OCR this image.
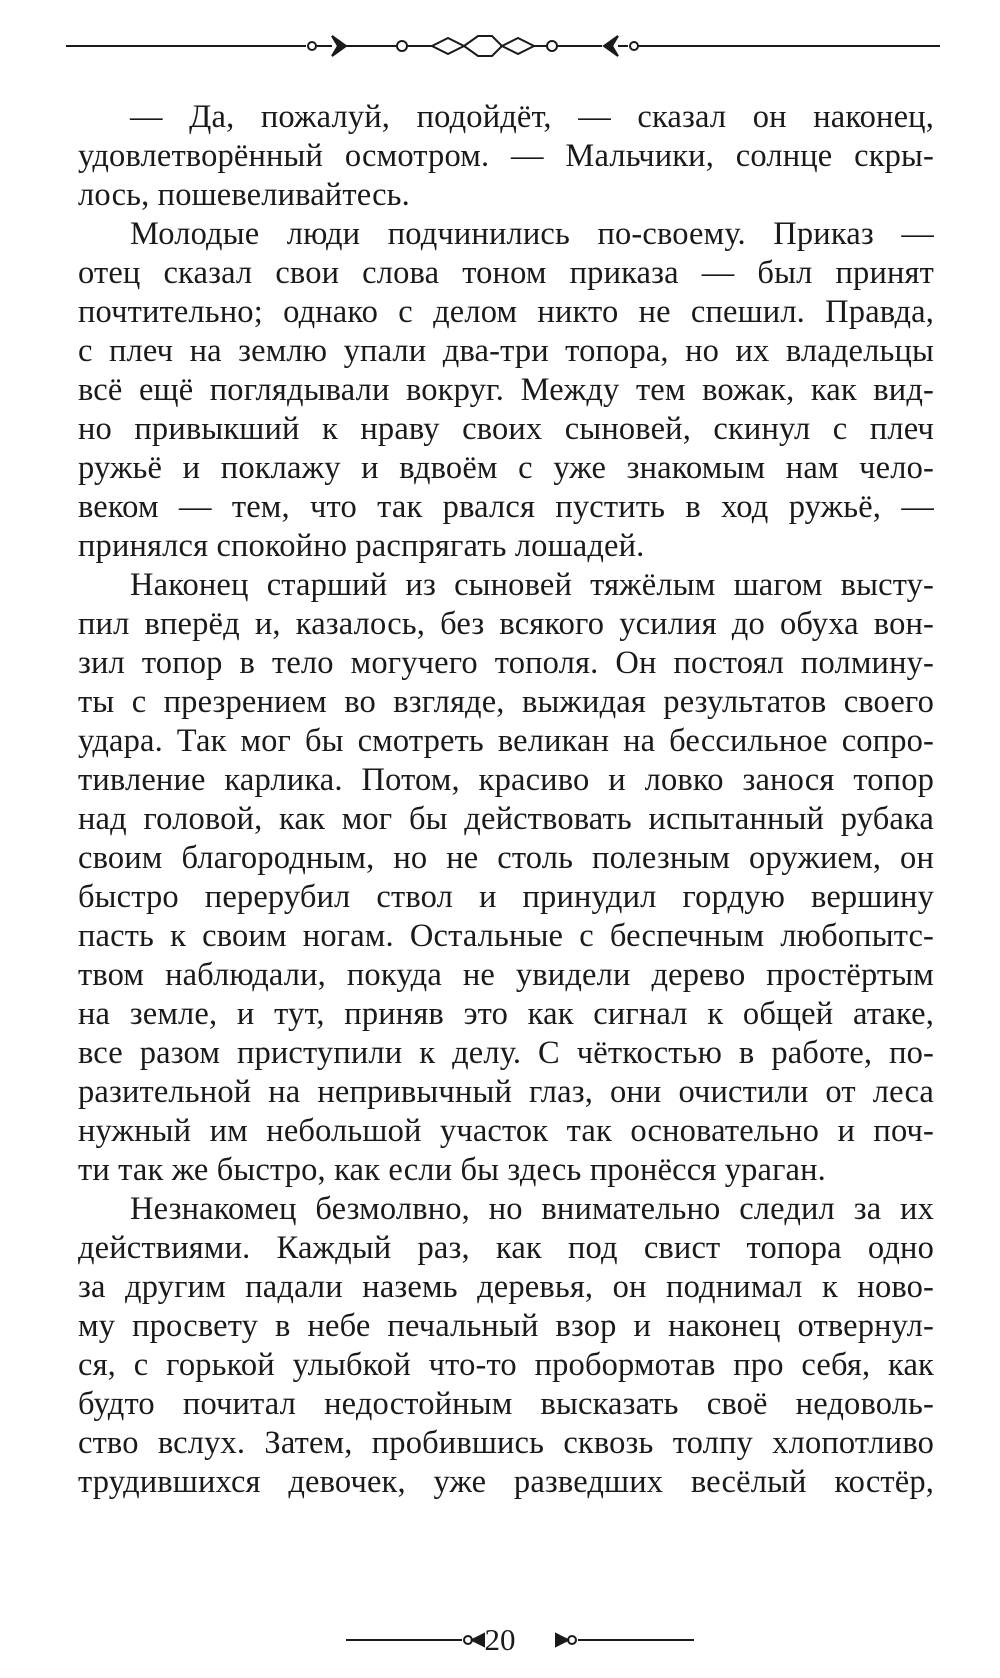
— Да, пожалуй, подойдёт, — сказал он наконец,
удовлетворённый осмотром. — Мальчики, солнце скры-
лось, пошевеливайтесь.
Молодые люди подчинились по-своему. Приказ —
отец сказал свои слова тоном приказа — был принят
почтительно; однако с делом никто не спешил. Правда,
с плеч на землю упали два-три топора, но их владельцы
всё ещё поглядывали вокруг. Между тем вожак, как вид-
но привыкший к нраву своих сыновей, скинул с плеч
ружьё и поклажу и вдвоём с уже знакомым нам чело-
веком — тем, что так рвался пустить в ход ружьё, —
принялся спокойно распрягать лошадей.
Наконец старший из сыновей тяжёлым шагом высту-
пил вперёд и, казалось, без всякого усилия до обуха вон-
зил топор в тело могучего тополя. Он постоял полмину-
ты с презрением во взгляде, выжидая результатов своего
удара. Так мог бы смотреть великан на бессильное сопро-
тивление карлика. Потом, красиво и ловко занося топор
над головой, как мог бы действовать испытанный рубака
своим благородным, но не столь полезным оружием, он
быстро перерубил ствол и принудил гордую вершину
пасть к своим ногам. Остальные с беспечным любопытс-
твом наблюдали, покуда не увидели дерево простёртым
на земле, и тут, приняв это как сигнал к общей атаке,
все разом приступили к делу. С чёткостью в работе, по-
разительной на непривычный глаз, они очистили от леса
нужный им небольшой участок так основательно и поч-
ти так же быстро, как если бы здесь пронёсся ураган.
Незнакомец безмолвно, но внимательно следил за их
действиями. Каждый раз, как под свист топора одно
за другим падали наземь деревья, он поднимал к ново-
му просвету в небе печальный взор и наконец отвернул-
ся, с горькой улыбкой что-то пробормотав про себя, как
будто почитал недостойным высказать своё недоволь-
ство вслух. Затем, пробившись сквозь толпу хлопотливо
трудившихся девочек, уже разведших весёлый костёр,
20
